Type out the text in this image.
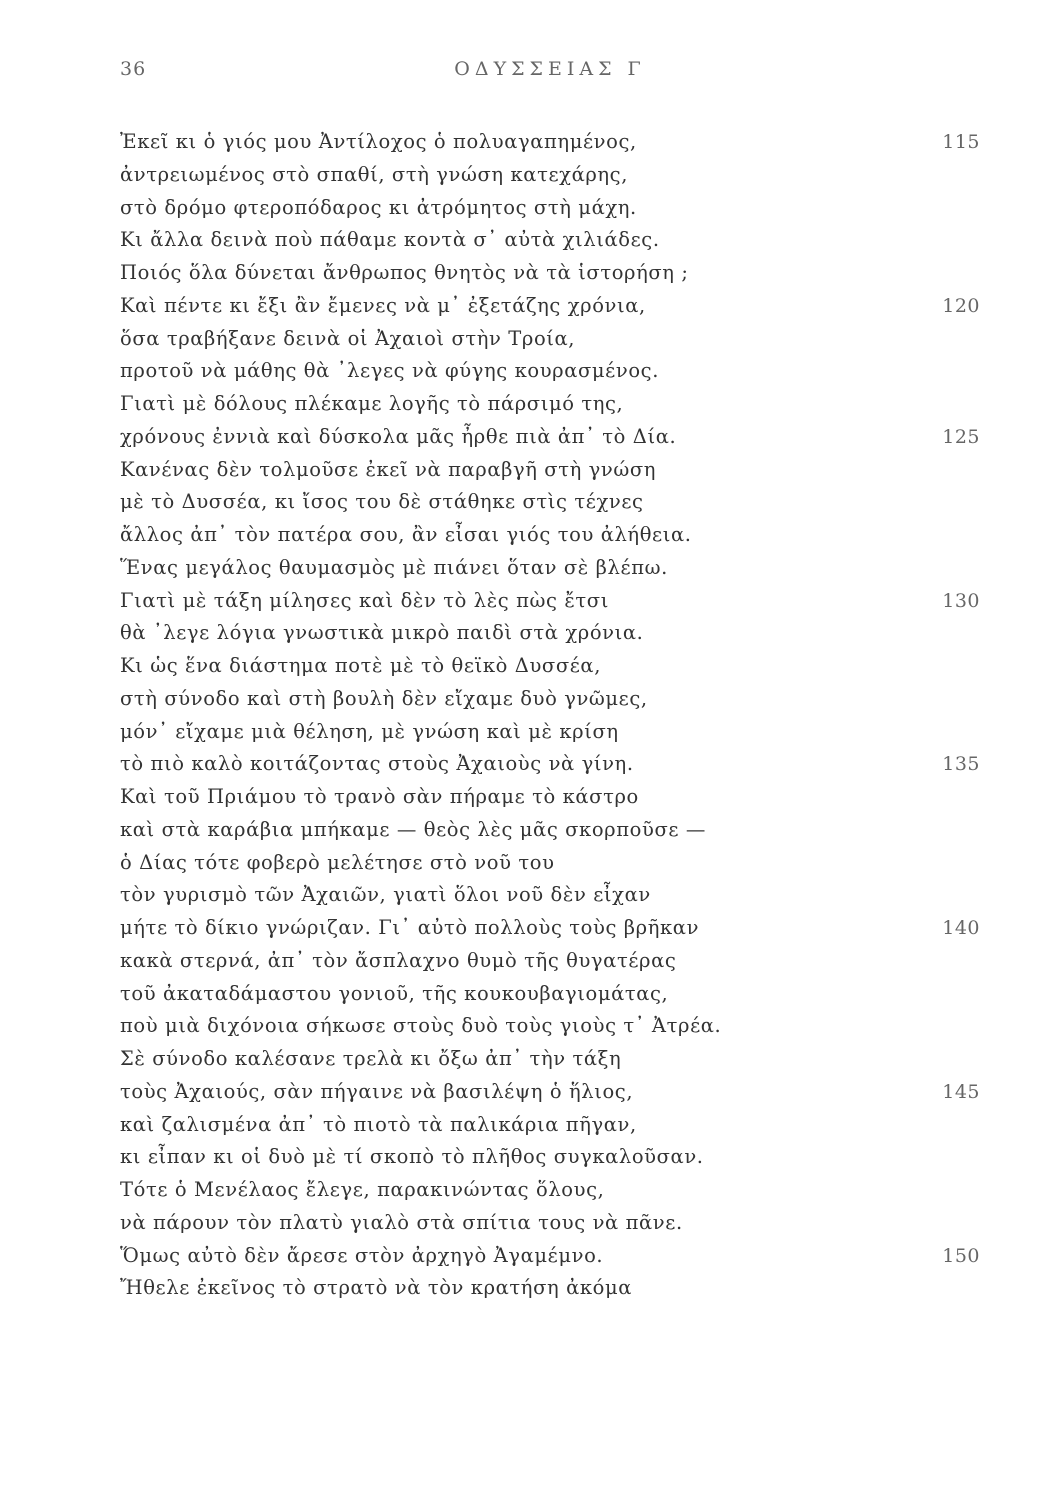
36	ΟΔΥΣΣΕΙΑΣ Γ
Ἐκεῖ κι ὁ γιός μου Ἀντίλοχος ὁ πολυαγαπημένος,	115
ἀντρειωμένος στὸ σπαθί, στὴ γνώση κατεχάρης,
στὸ δρόμο φτεροπόδαρος κι ἀτρόμητος στὴ μάχη.
Κι ἄλλα δεινὰ ποὺ πάθαμε κοντὰ σ᾽ αὐτὰ χιλιάδες.
Ποιός ὅλα δύνεται ἄνθρωπος θνητὸς νὰ τὰ ἱστορήση ;
Καὶ πέντε κι ἔξι ἂν ἔμενες νὰ μ᾽ ἐξετάζης χρόνια,	120
ὅσα τραβήξανε δεινὰ οἱ Ἀχαιοὶ στὴν Τροία,
προτοῦ νὰ μάθης θὰ ᾽λεγες νὰ φύγης κουρασμένος.
Γιατὶ μὲ δόλους πλέκαμε λογῆς τὸ πάρσιμό της,
χρόνους ἐννιὰ καὶ δύσκολα μᾶς ἦρθε πιὰ ἀπ᾽ τὸ Δία.	125
Κανένας δὲν τολμοῦσε ἐκεῖ νὰ παραβγῆ στὴ γνώση
μὲ τὸ Δυσσέα, κι ἴσος του δὲ στάθηκε στὶς τέχνες
ἄλλος ἀπ᾽ τὸν πατέρα σου, ἂν εἶσαι γιός του ἀλήθεια.
Ἕνας μεγάλος θαυμασμὸς μὲ πιάνει ὅταν σὲ βλέπω.
Γιατὶ μὲ τάξη μίλησες καὶ δὲν τὸ λὲς πὼς ἔτσι	130
θὰ ᾽λεγε λόγια γνωστικὰ μικρὸ παιδὶ στὰ χρόνια.
Κι ὡς ἕνα διάστημα ποτὲ μὲ τὸ θεϊκὸ Δυσσέα,
στὴ σύνοδο καὶ στὴ βουλὴ δὲν εἴχαμε δυὸ γνῶμες,
μόν᾽ εἴχαμε μιὰ θέληση, μὲ γνώση καὶ μὲ κρίση
τὸ πιὸ καλὸ κοιτάζοντας στοὺς Ἀχαιοὺς νὰ γίνη.	135
Καὶ τοῦ Πριάμου τὸ τρανὸ σὰν πήραμε τὸ κάστρο
καὶ στὰ καράβια μπήκαμε — θεὸς λὲς μᾶς σκορποῦσε —
ὁ Δίας τότε φοβερὸ μελέτησε στὸ νοῦ του
τὸν γυρισμὸ τῶν Ἀχαιῶν, γιατὶ ὅλοι νοῦ δὲν εἶχαν
μήτε τὸ δίκιο γνώριζαν. Γι᾽ αὐτὸ πολλοὺς τοὺς βρῆκαν	140
κακὰ στερνά, ἀπ᾽ τὸν ἄσπλαχνο θυμὸ τῆς θυγατέρας
τοῦ ἀκαταδάμαστου γονιοῦ, τῆς κουκουβαγιομάτας,
ποὺ μιὰ διχόνοια σήκωσε στοὺς δυὸ τοὺς γιοὺς τ᾽ Ἀτρέα.
Σὲ σύνοδο καλέσανε τρελὰ κι ὄξω ἀπ᾽ τὴν τάξη
τοὺς Ἀχαιούς, σὰν πήγαινε νὰ βασιλέψη ὁ ἥλιος,	145
καὶ ζαλισμένα ἀπ᾽ τὸ πιοτὸ τὰ παλικάρια πῆγαν,
κι εἶπαν κι οἱ δυὸ μὲ τί σκοπὸ τὸ πλῆθος συγκαλοῦσαν.
Τότε ὁ Μενέλαος ἔλεγε, παρακινώντας ὅλους,
νὰ πάρουν τὸν πλατὺ γιαλὸ στὰ σπίτια τους νὰ πᾶνε.
Ὅμως αὐτὸ δὲν ἄρεσε στὸν ἀρχηγὸ Ἀγαμέμνο.	150
Ἤθελε ἐκεῖνος τὸ στρατὸ νὰ τὸν κρατήση ἀκόμα
